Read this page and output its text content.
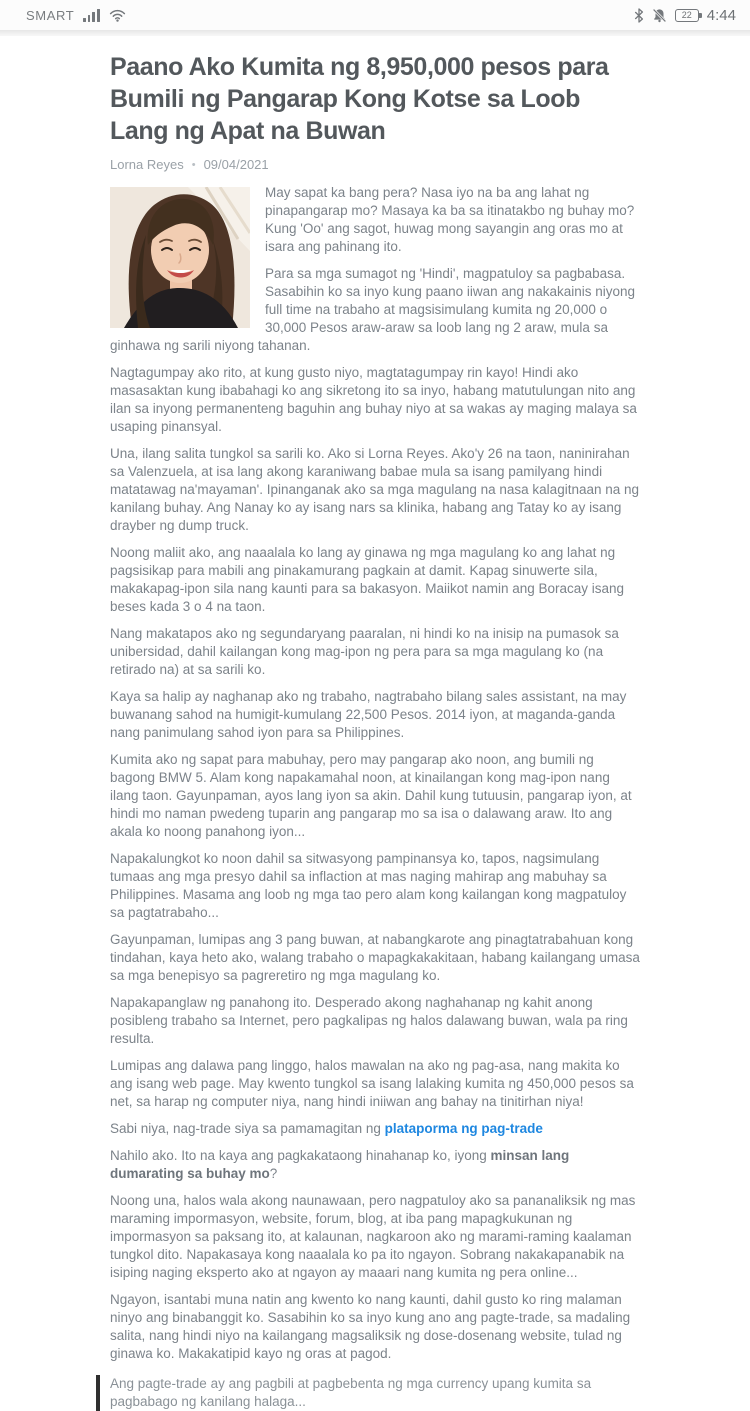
SMART	22 4:44
Paano Ako Kumita ng 8,950,000 pesos para Bumili ng Pangarap Kong Kotse sa Loob Lang ng Apat na Buwan
Lorna Reyes • 09/04/2021

May sapat ka bang pera? Nasa iyo na ba ang lahat ng pinapangarap mo? Masaya ka ba sa itinatakbo ng buhay mo? Kung 'Oo' ang sagot, huwag mong sayangin ang oras mo at isara ang pahinang ito.

Para sa mga sumagot ng 'Hindi', magpatuloy sa pagbabasa. Sasabihin ko sa inyo kung paano iiwan ang nakakainis niyong full time na trabaho at magsisimulang kumita ng 20,000 o 30,000 Pesos araw-araw sa loob lang ng 2 araw, mula sa ginhawa ng sarili niyong tahanan.

Nagtagumpay ako rito, at kung gusto niyo, magtatagumpay rin kayo! Hindi ako masasaktan kung ibabahagi ko ang sikretong ito sa inyo, habang matutulungan nito ang ilan sa inyong permanenteng baguhin ang buhay niyo at sa wakas ay maging malaya sa usaping pinansyal.

Una, ilang salita tungkol sa sarili ko. Ako si Lorna Reyes. Ako'y 26 na taon, naninirahan sa Valenzuela, at isa lang akong karaniwang babae mula sa isang pamilyang hindi matatawag na'mayaman'. Ipinanganak ako sa mga magulang na nasa kalagitnaan na ng kanilang buhay. Ang Nanay ko ay isang nars sa klinika, habang ang Tatay ko ay isang drayber ng dump truck.

Noong maliit ako, ang naaalala ko lang ay ginawa ng mga magulang ko ang lahat ng pagsisikap para mabili ang pinakamurang pagkain at damit. Kapag sinuwerte sila, makakapag-ipon sila nang kaunti para sa bakasyon. Maiikot namin ang Boracay isang beses kada 3 o 4 na taon.

Nang makatapos ako ng segundaryang paaralan, ni hindi ko na inisip na pumasok sa unibersidad, dahil kailangan kong mag-ipon ng pera para sa mga magulang ko (na retirado na) at sa sarili ko.

Kaya sa halip ay naghanap ako ng trabaho, nagtrabaho bilang sales assistant, na may buwanang sahod na humigit-kumulang 22,500 Pesos. 2014 iyon, at maganda-ganda nang panimulang sahod iyon para sa Philippines.

Kumita ako ng sapat para mabuhay, pero may pangarap ako noon, ang bumili ng bagong BMW 5. Alam kong napakamahal noon, at kinailangan kong mag-ipon nang ilang taon. Gayunpaman, ayos lang iyon sa akin. Dahil kung tutuusin, pangarap iyon, at hindi mo naman pwedeng tuparin ang pangarap mo sa isa o dalawang araw. Ito ang akala ko noong panahong iyon...

Napakalungkot ko noon dahil sa sitwasyong pampinansya ko, tapos, nagsimulang tumaas ang mga presyo dahil sa inflaction at mas naging mahirap ang mabuhay sa Philippines. Masama ang loob ng mga tao pero alam kong kailangan kong magpatuloy sa pagtatrabaho...

Gayunpaman, lumipas ang 3 pang buwan, at nabangkarote ang pinagtatrabahuan kong tindahan, kaya heto ako, walang trabaho o mapagkakakitaan, habang kailangang umasa sa mga benepisyo sa pagreretiro ng mga magulang ko.

Napakapanglaw ng panahong ito. Desperado akong naghahanap ng kahit anong posibleng trabaho sa Internet, pero pagkalipas ng halos dalawang buwan, wala pa ring resulta.

Lumipas ang dalawa pang linggo, halos mawalan na ako ng pag-asa, nang makita ko ang isang web page. May kwento tungkol sa isang lalaking kumita ng 450,000 pesos sa net, sa harap ng computer niya, nang hindi iniiwan ang bahay na tinitirhan niya!

Sabi niya, nag-trade siya sa pamamagitan ng plataporma ng pag-trade

Nahilo ako. Ito na kaya ang pagkakataong hinahanap ko, iyong minsan lang dumarating sa buhay mo?

Noong una, halos wala akong naunawaan, pero nagpatuloy ako sa pananaliksik ng mas maraming impormasyon, website, forum, blog, at iba pang mapagkukunan ng impormasyon sa paksang ito, at kalaunan, nagkaroon ako ng marami-raming kaalaman tungkol dito. Napakasaya kong naaalala ko pa ito ngayon. Sobrang nakakapanabik na isiping naging eksperto ako at ngayon ay maaari nang kumita ng pera online...

Ngayon, isantabi muna natin ang kwento ko nang kaunti, dahil gusto ko ring malaman ninyo ang binabanggit ko. Sasabihin ko sa inyo kung ano ang pagte-trade, sa madaling salita, nang hindi niyo na kailangang magsaliksik ng dose-dosenang website, tulad ng ginawa ko. Makakatipid kayo ng oras at pagod.

Ang pagte-trade ay ang pagbili at pagbebenta ng mga currency upang kumita sa pagbabago ng kanilang halaga...
